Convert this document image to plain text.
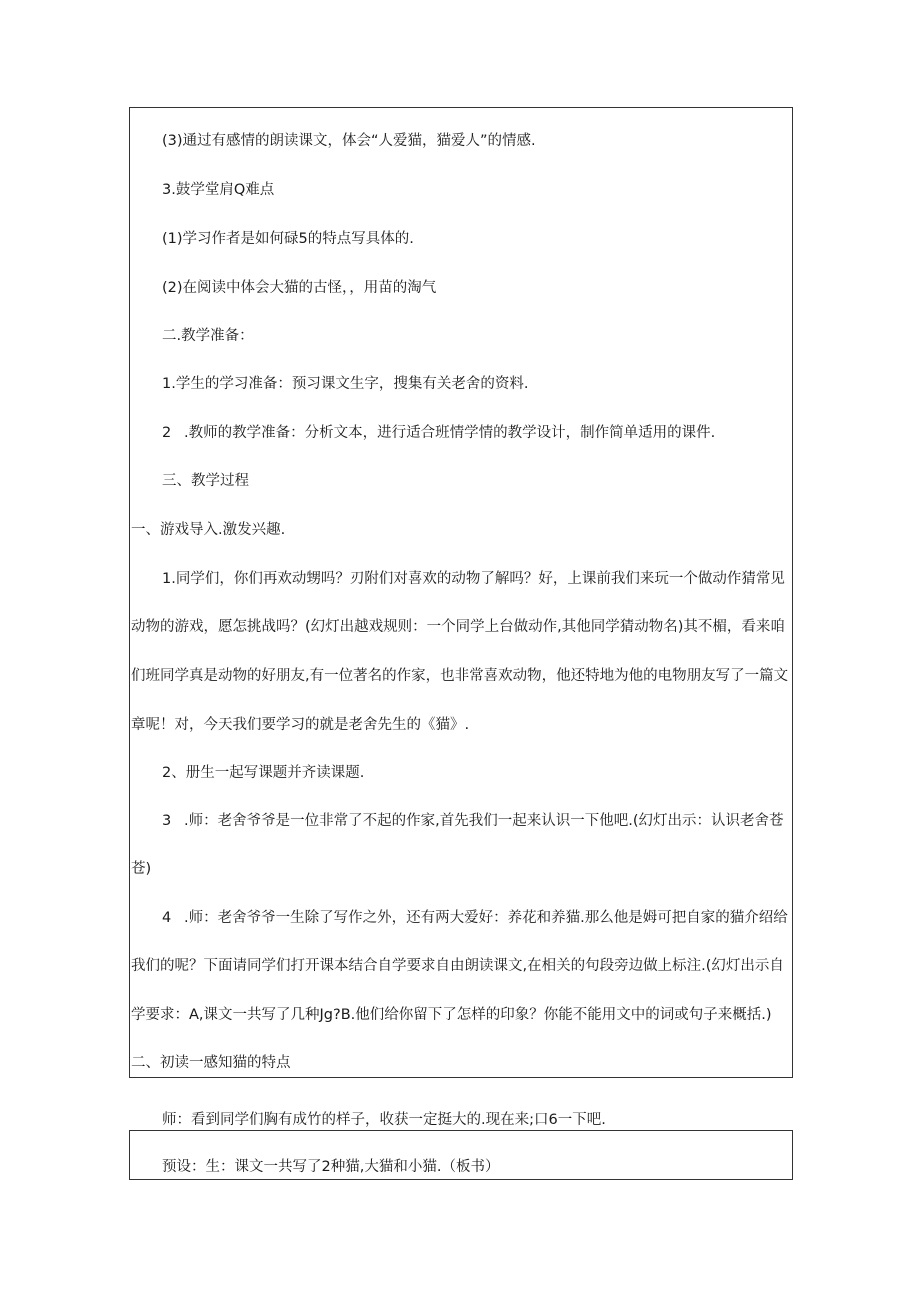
(3)通过有感情的朗读课文，体会“人爱猫，猫爱人”的情感.
3.鼓学堂肩Q难点
(1)学习作者是如何碌5的特点写具体的.
(2)在阅读中体会大猫的古怪，，用苗的淘气
二.教学准备：
1.学生的学习准备：预习课文生字，搜集有关老舍的资料.
2 .教师的教学准备：分析文本，进行适合班情学情的教学设计，制作简单适用的课件.
三、教学过程
一、游戏导入.激发兴趣.
1.同学们，你们再欢动甥吗？刃附们对喜欢的动物了解吗？好，上课前我们来玩一个做动作猜常见
动物的游戏，愿怎挑战吗？(幻灯出越戏规则：一个同学上台做动作,其他同学猜动物名)其不楣，看来咱
们班同学真是动物的好朋友,有一位著名的作家，也非常喜欢动物，他还特地为他的电物朋友写了一篇文
章呢！对，今天我们要学习的就是老舍先生的《猫》.
2、册生一起写课题并齐读课题.
3 .师：老舍爷爷是一位非常了不起的作家,首先我们一起来认识一下他吧.(幻灯出示：认识老舍苍
苍)
4 .师：老舍爷爷一生除了写作之外，还有两大爱好：养花和养猫.那么他是姆可把自家的猫介绍给
我们的呢？下面请同学们打开课本结合自学要求自由朗读课文,在相关的句段旁边做上标注.(幻灯出示自
学要求：A,课文一共写了几种Jg?B.他们给你留下了怎样的印象？你能不能用文中的词或句子来概括.)
二、初读一感知猫的特点
师：看到同学们胸有成竹的样子，收获一定挺大的.现在来;口6一下吧.
预设：生：课文一共写了2种猫,大猫和小猫.（板书）
